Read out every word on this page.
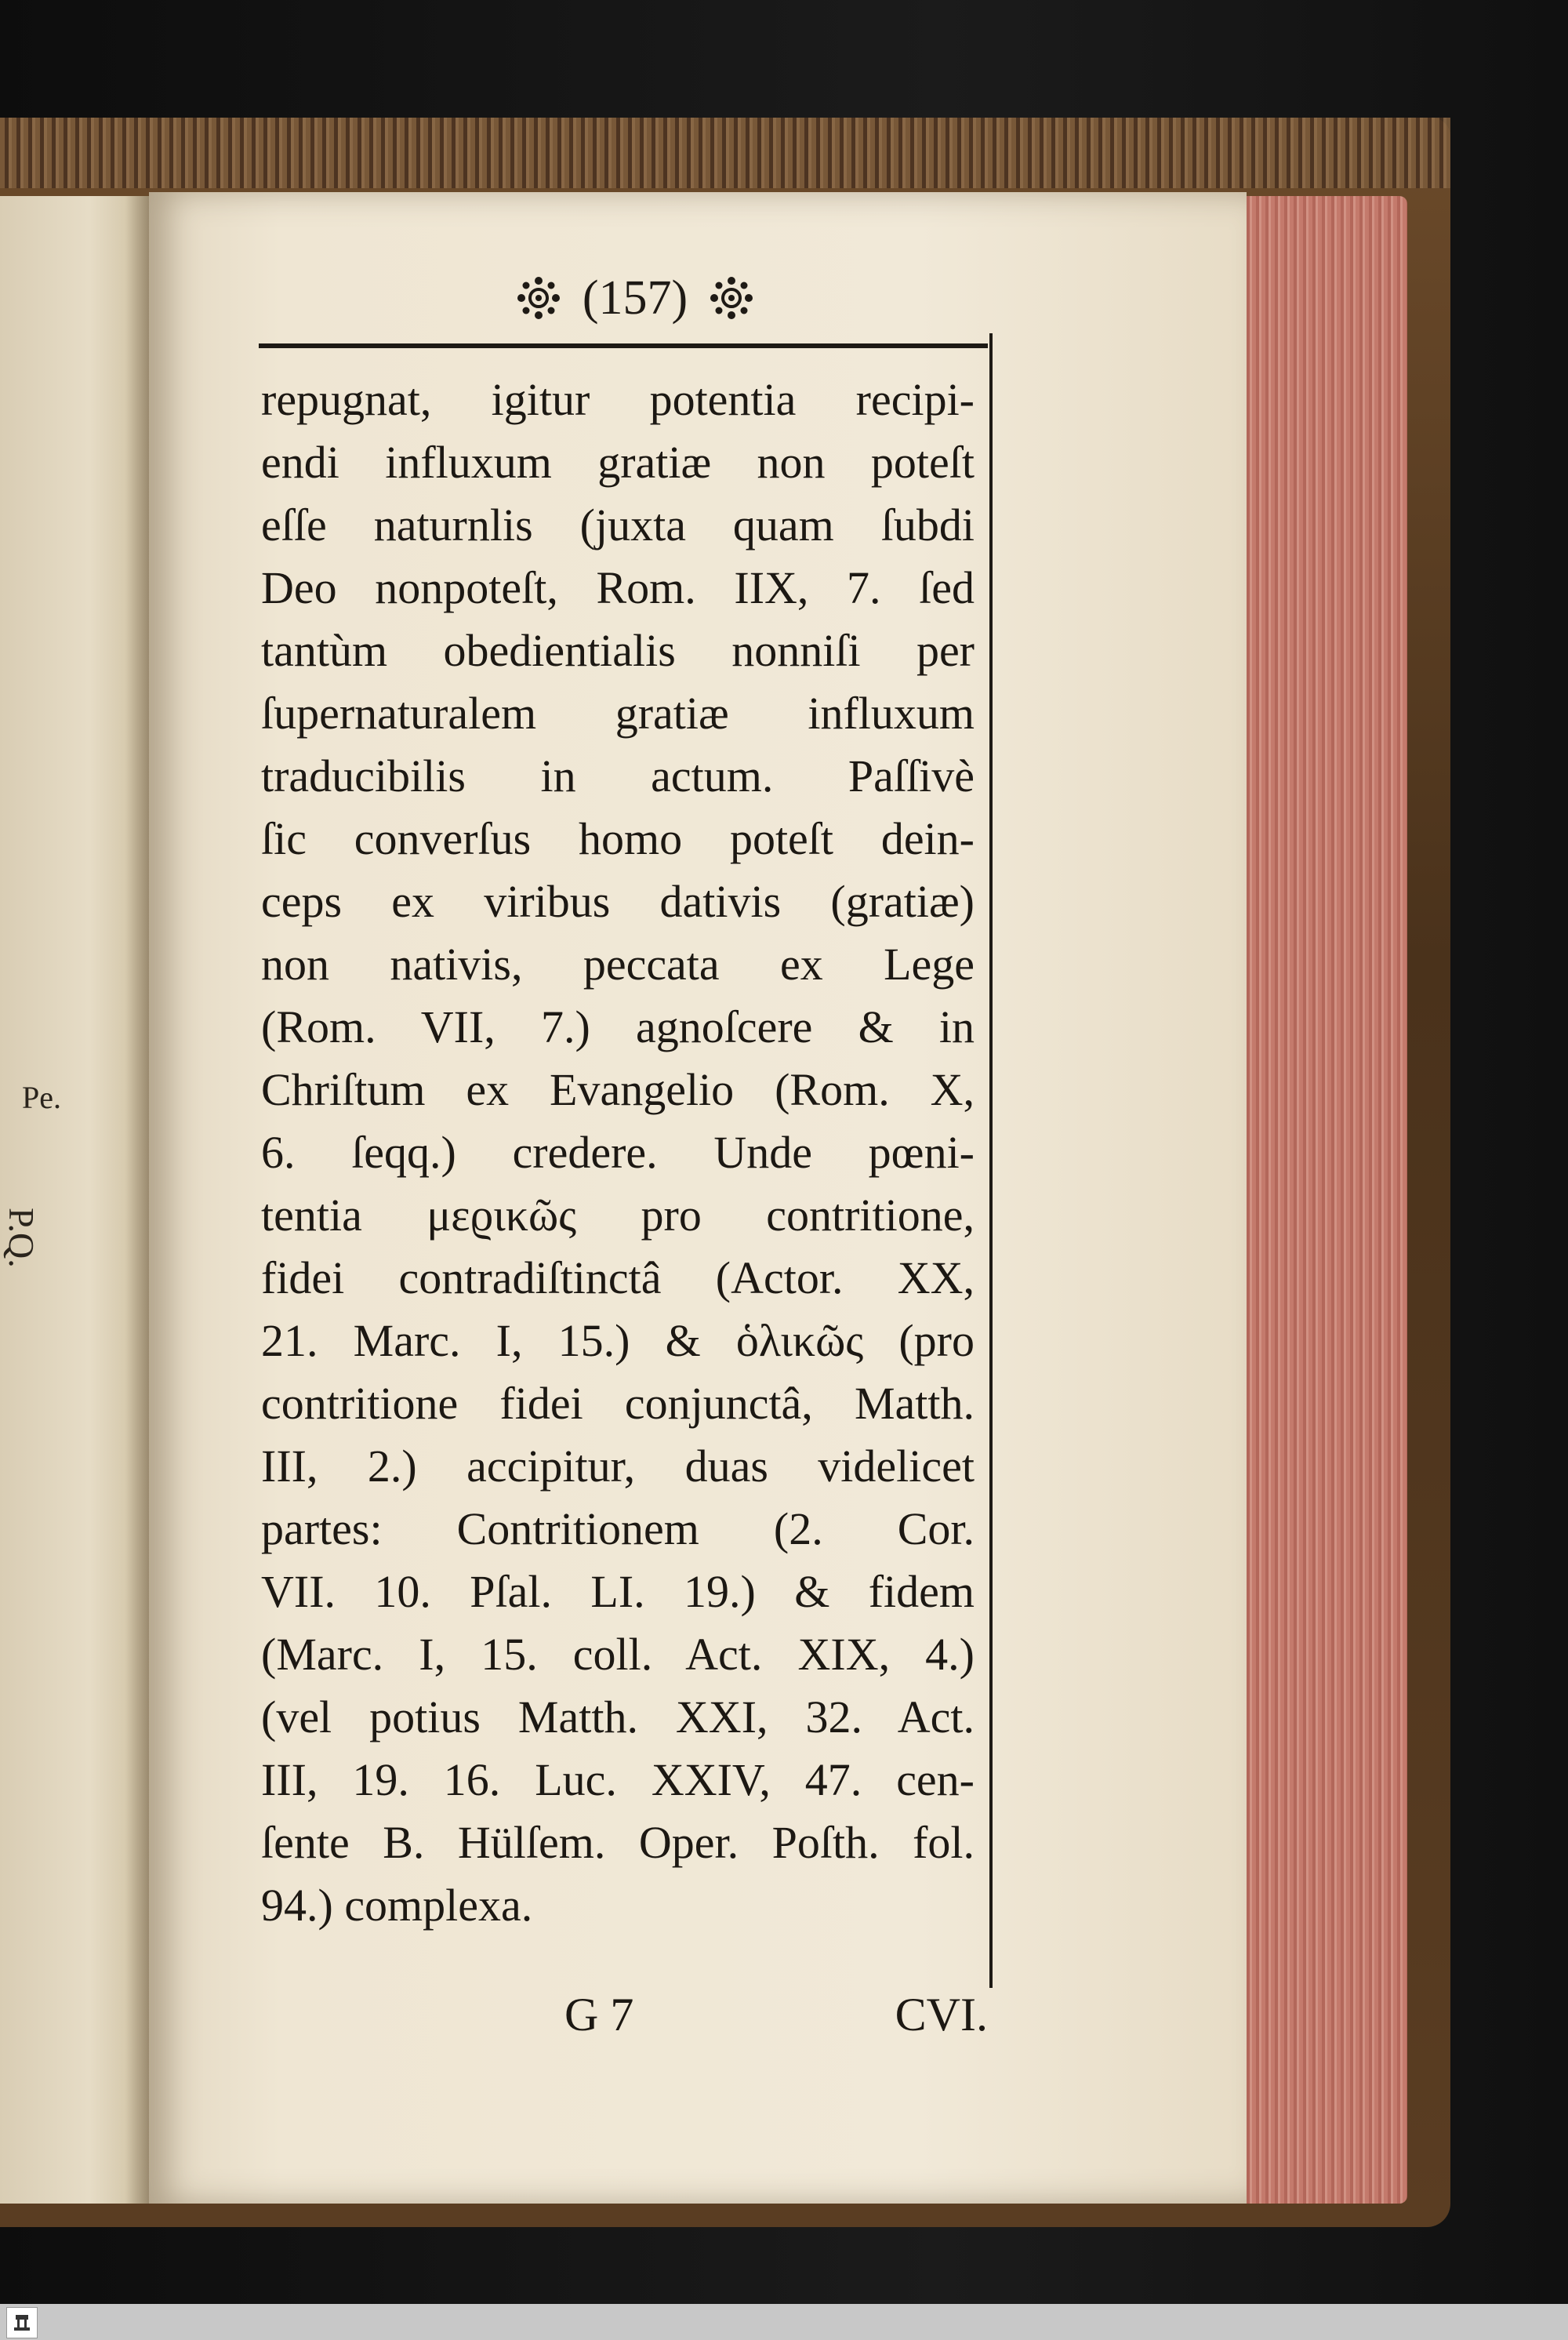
Pe.
P.Q.
(157)
repugnat, igitur potentia recipi-
endi influxum gratiæ non poteſt
eſſe naturnlis (juxta quam ſubdi
Deo nonpoteſt, Rom. IIX, 7. ſed
tantùm obedientialis nonniſi per
ſupernaturalem gratiæ influxum
traducibilis in actum. Paſſivè
ſic converſus homo poteſt dein-
ceps ex viribus dativis (gratiæ)
non nativis, peccata ex Lege
(Rom. VII, 7.) agnoſcere & in
Chriſtum ex Evangelio (Rom. X,
6. ſeqq.) credere. Unde pœni-
tentia μεϱικῶς pro contritione,
fidei contradiſtinctâ (Actor. XX,
21. Marc. I, 15.) & ὁλικῶς (pro
contritione fidei conjunctâ, Matth.
III, 2.) accipitur, duas videlicet
partes: Contritionem (2. Cor.
VII. 10. Pſal. LI. 19.) & fidem
(Marc. I, 15. coll. Act. XIX, 4.)
(vel potius Matth. XXI, 32. Act.
III, 19. 16. Luc. XXIV, 47. cen-
ſente B. Hülſem. Oper. Poſth. fol.
94.) complexa.
G 7	CVI.
